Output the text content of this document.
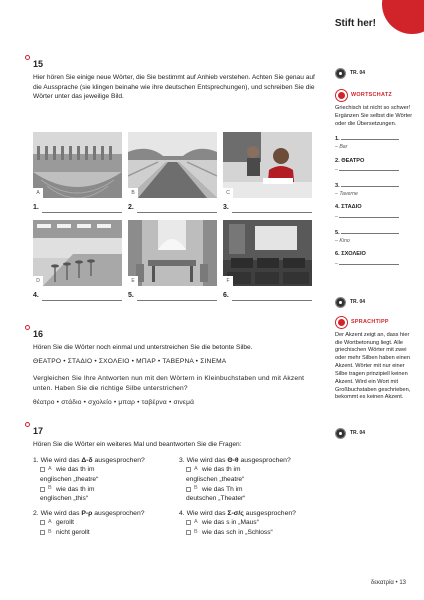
Stift her!
15
Hier hören Sie einige neue Wörter, die Sie bestimmt auf Anhieb verstehen. Achten Sie genau auf die Aussprache (sie klingen beinahe wie ihre deutschen Entsprechungen), und schreiben Sie die Wörter unter das jeweilige Bild.
A	B	C
1.	2.	3.
D	E	F
4.	5.	6.
16
Hören Sie die Wörter noch einmal und unterstreichen Sie die betonte Silbe.
ΘΕΑΤΡΟ • ΣΤΑΔΙΟ • ΣΧΟΛΕΙΟ • ΜΠΑΡ • ΤΑΒΕΡΝΑ • ΣΙΝΕΜΑ
Vergleichen Sie Ihre Antworten nun mit den Wörtern in Kleinbuchstaben und mit Akzent unten. Haben Sie die richtige Silbe unterstrichen?
θέατρο • στάδιο • σχολείο • μπαρ • ταβέρνα • σινεμά
17
Hören Sie die Wörter ein weiteres Mal und beantworten Sie die Fragen:
1. Wie wird das Δ-δ ausgesprochen?
A wie das th im
englischen „theatre“
B wie das th im
englischen „this“
3. Wie wird das Θ-θ ausgesprochen?
A wie das th im
englischen „theatre“
B wie das Th im
deutschen „Theater“
2. Wie wird das Ρ-ρ ausgesprochen?
A gerollt
B nicht gerollt
4. Wie wird das Σ-σ/ς ausgesprochen?
A wie das s in „Maus“
B wie das sch in „Schloss“
TR. 04
WORTSCHATZ
Griechisch ist nicht so schwer! Ergänzen Sie selbst die Wörter oder die Übersetzungen.
1.
– Bar
2. ΘΕΑΤΡΟ
–
3.
– Taverne
4. ΣΤΑΔΙΟ
–
5.
– Kino
6. ΣΧΟΛΕΙΟ
–
TR. 04
SPRACHTIPP
Der Akzent zeigt an, dass hier die Wortbetonung liegt. Alle griechischen Wörter mit zwei oder mehr Silben haben einen Akzent. Wörter mit nur einer Silbe tragen prinzipiell keinen Akzent. Wird ein Wort mit Großbuchstaben geschrieben, bekommt es keinen Akzent.
TR. 04
δεκατρία • 13
